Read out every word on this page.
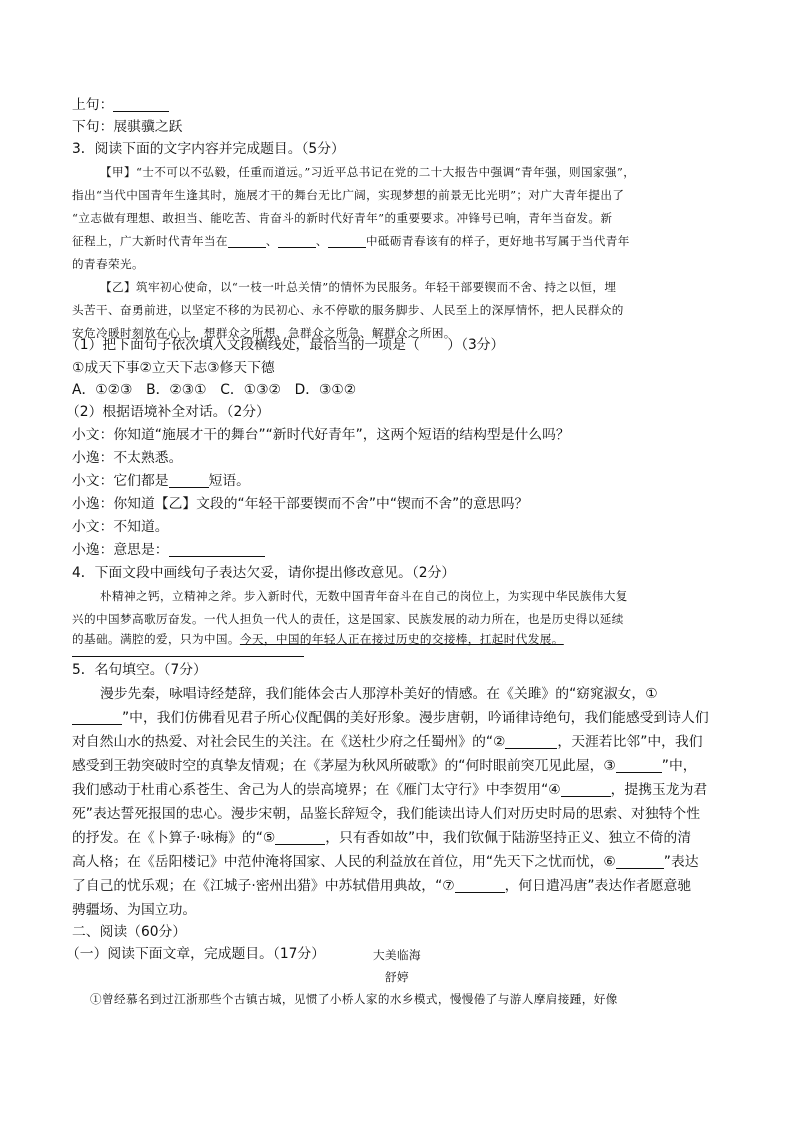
上句：
下句：展骐骥之跃
3．阅读下面的文字内容并完成题目。（5分）
【甲】“士不可以不弘毅，任重而道远。”习近平总书记在党的二十大报告中强调“青年强，则国家强”，
指出“当代中国青年生逢其时，施展才干的舞台无比广阔，实现梦想的前景无比光明”；对广大青年提出了
“立志做有理想、敢担当、能吃苦、肯奋斗的新时代好青年”的重要要求。冲锋号已响，青年当奋发。新
征程上，广大新时代青年当在	、	、	中砥砺青春该有的样子，更好地书写属于当代青年
的青春荣光。
【乙】筑牢初心使命，以“一枝一叶总关情”的情怀为民服务。年轻干部要锲而不舍、持之以恒，埋
头苦干、奋勇前进，以坚定不移的为民初心、永不停歇的服务脚步、人民至上的深厚情怀，把人民群众的
安危冷暖时刻放在心上，想群众之所想、急群众之所急、解群众之所困。
（1）把下面句子依次填入文段横线处，最恰当的一项是（　　）（3分）
①成天下事②立天下志③修天下德
A．①②③　B．②③①　C．①③②　D．③①②
（2）根据语境补全对话。（2分）
小文：你知道“施展才干的舞台”“新时代好青年”，这两个短语的结构型是什么吗？
小逸：不太熟悉。
小文：它们都是	短语。
小逸：你知道【乙】文段的“年轻干部要锲而不舍”中“锲而不舍”的意思吗？
小文：不知道。
小逸：意思是：
4．下面文段中画线句子表达欠妥，请你提出修改意见。（2分）
朴精神之钙，立精神之斧。步入新时代，无数中国青年奋斗在自己的岗位上，为实现中华民族伟大复
兴的中国梦高歌厉奋发。一代人担负一代人的责任，这是国家、民族发展的动力所在，也是历史得以延续
的基础。满腔的爱，只为中国。今天，中国的年轻人正在接过历史的交接棒，扛起时代发展。
5．名句填空。（7分）
漫步先秦，咏唱诗经楚辞，我们能体会古人那淳朴美好的情感。在《关雎》的“窈窕淑女，①
”中，我们仿佛看见君子所心仪配偶的美好形象。漫步唐朝，吟诵律诗绝句，我们能感受到诗人们
对自然山水的热爱、对社会民生的关注。在《送杜少府之任蜀州》的“②	，天涯若比邻”中，我们
感受到王勃突破时空的真挚友情观；在《茅屋为秋风所破歌》的“何时眼前突兀见此屋，③	”中，
我们感动于杜甫心系苍生、舍己为人的崇高境界；在《雁门太守行》中李贺用“④	，提携玉龙为君
死”表达誓死报国的忠心。漫步宋朝，品鉴长辞短令，我们能读出诗人们对历史时局的思索、对独特个性
的抒发。在《卜算子·咏梅》的“⑤	，只有香如故”中，我们钦佩于陆游坚持正义、独立不倚的清
高人格；在《岳阳楼记》中范仲淹将国家、人民的利益放在首位，用“先天下之忧而忧，⑥	”表达
了自己的忧乐观；在《江城子·密州出猎》中苏轼借用典故，“⑦	，何日遣冯唐”表达作者愿意驰
骋疆场、为国立功。
二、阅读（60分）
（一）阅读下面文章，完成题目。（17分）	大美临海
舒婷
①曾经慕名到过江浙那些个古镇古城，见惯了小桥人家的水乡模式，慢慢倦了与游人摩肩接踵，好像
